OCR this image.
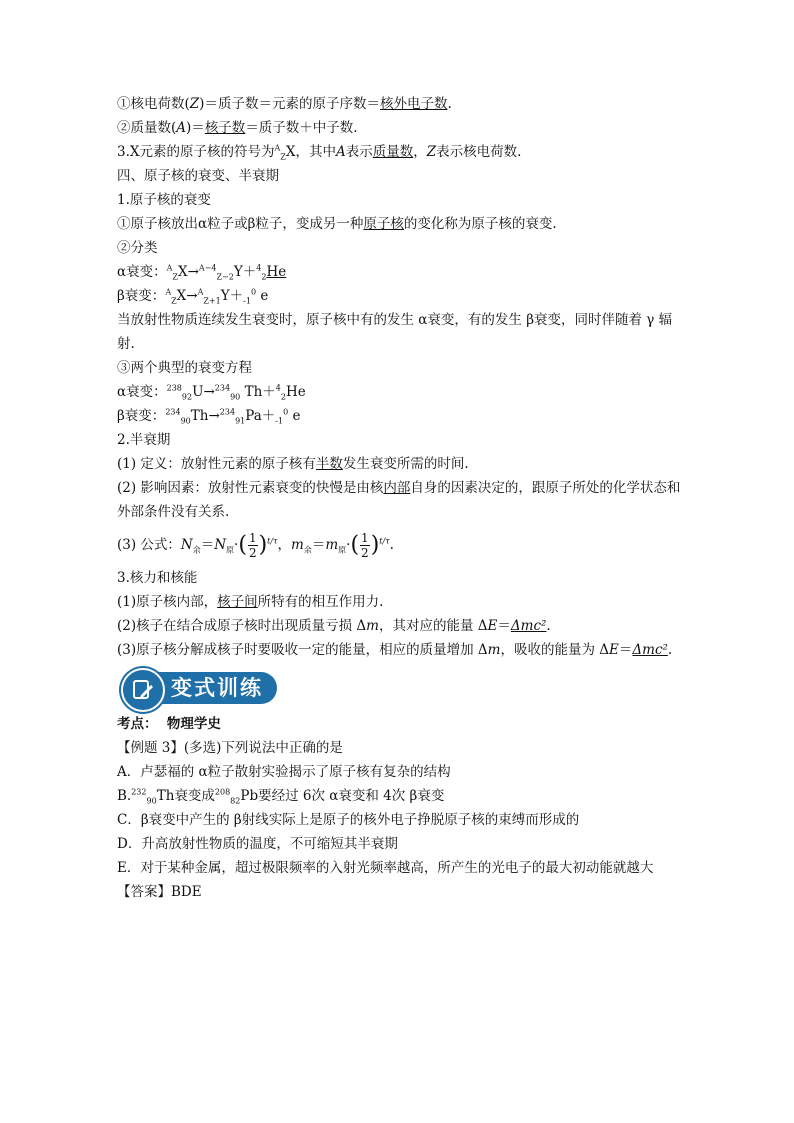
①核电荷数(Z)＝质子数＝元素的原子序数＝核外电子数.

②质量数(A)＝核子数＝质子数＋中子数.

3.X元素的原子核的符号为$^A_Z$X，其中A表示质量数，Z表示核电荷数.

四、原子核的衰变、半衰期

1.原子核的衰变

①原子核放出α粒子或β粒子，变成另一种原子核的变化称为原子核的衰变.

②分类

α衰变：$^A_Z$X→$^{A-4}_{Z-2}$Y＋$^4_2$He

β衰变：$^A_ZX\to^A_{Z+1}Y+_{-1}^0$ e

当放射性物质连续发生衰变时，原子核中有的发生 α衰变，有的发生 β衰变，同时伴随着 γ 辐射.

③两个典型的衰变方程

α衰变：$^{238}_{92}$U→$^{234}_{90}$ Th＋$^4_2$He

β衰变：$^{234}_{90}Th\to^{234}_{91}Pa+_{-1}^0$ e

2.半衰期

(1) 定义：放射性元素的原子核有半数发生衰变所需的时间.

(2) 影响因素：放射性元素衰变的快慢是由核内部自身的因素决定的，跟原子所处的化学状态和外部条件没有关系.

(3) 公式：$N_余=N_原\cdot( \frac{1}{2} )^{t/\tau}$，$m_余=m_原\cdot( \frac{1}{2} )^{t/\tau}$.

3.核力和核能

(1)原子核内部，核子间所特有的相互作用力.

(2)核子在结合成原子核时出现质量亏损 Δm，其对应的能量 ΔE＝Δmc².

(3)原子核分解成核子时要吸收一定的能量，相应的质量增加 Δm，吸收的能量为 ΔE＝Δmc².

变式训练

考点： 物理学史

【例题 3】(多选)下列说法中正确的是

A．卢瑟福的 α粒子散射实验揭示了原子核有复杂的结构

B.$^{232}_{90}$Th衰变成$^{208}_{82}$Pb要经过 6次 α衰变和 4次 β衰变

C．β衰变中产生的 β射线实际上是原子的核外电子挣脱原子核的束缚而形成的

D．升高放射性物质的温度，不可缩短其半衰期

E．对于某种金属，超过极限频率的入射光频率越高，所产生的光电子的最大初动能就越大

【答案】BDE
